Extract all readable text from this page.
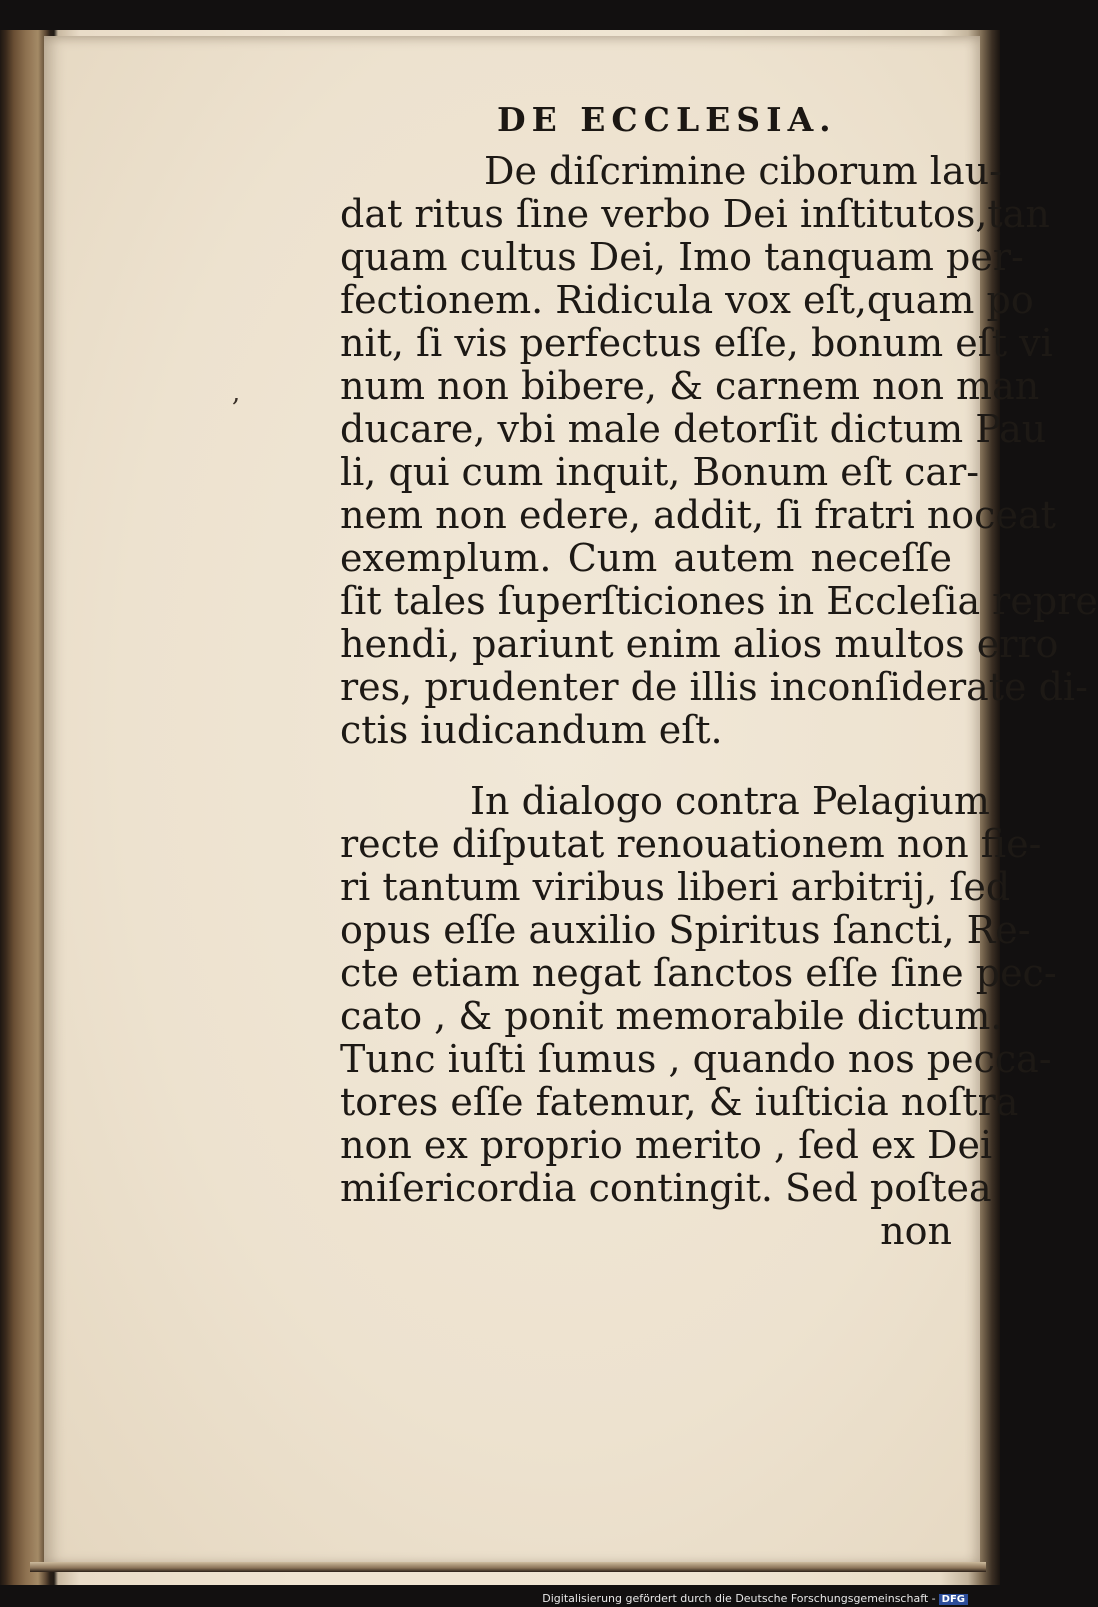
DE ECCLESIA.
,
De diſcrimine ciborum lau-
dat ritus ſine verbo Dei inſtitutos,tan
quam cultus Dei, Imo tanquam per-
fectionem. Ridicula vox eſt,quam po
nit, ſi vis perfectus eſſe, bonum eſt vi
num non bibere, & carnem non man
ducare, vbi male detorſit dictum Pau
li, qui cum inquit, Bonum eſt car-
nem non edere, addit, ſi fratri noceat
exemplum. Cum autem neceſſe
ſit tales ſuperſticiones in Eccleſia repre
hendi, pariunt enim alios multos erro
res, prudenter de illis inconſiderate di-
ctis iudicandum eſt.
In dialogo contra Pelagium
recte diſputat renouationem non fie-
ri tantum viribus liberi arbitrij, ſed
opus eſſe auxilio Spiritus ſancti, Re-
cte etiam negat ſanctos eſſe ſine pec-
cato , & ponit memorabile dictum.
Tunc iuſti ſumus , quando nos pecca-
tores eſſe fatemur, & iuſticia noſtra
non ex proprio merito , ſed ex Dei
miſericordia contingit. Sed poſtea
non
Digitalisierung gefördert durch die Deutsche Forschungsgemeinschaft - DFG
